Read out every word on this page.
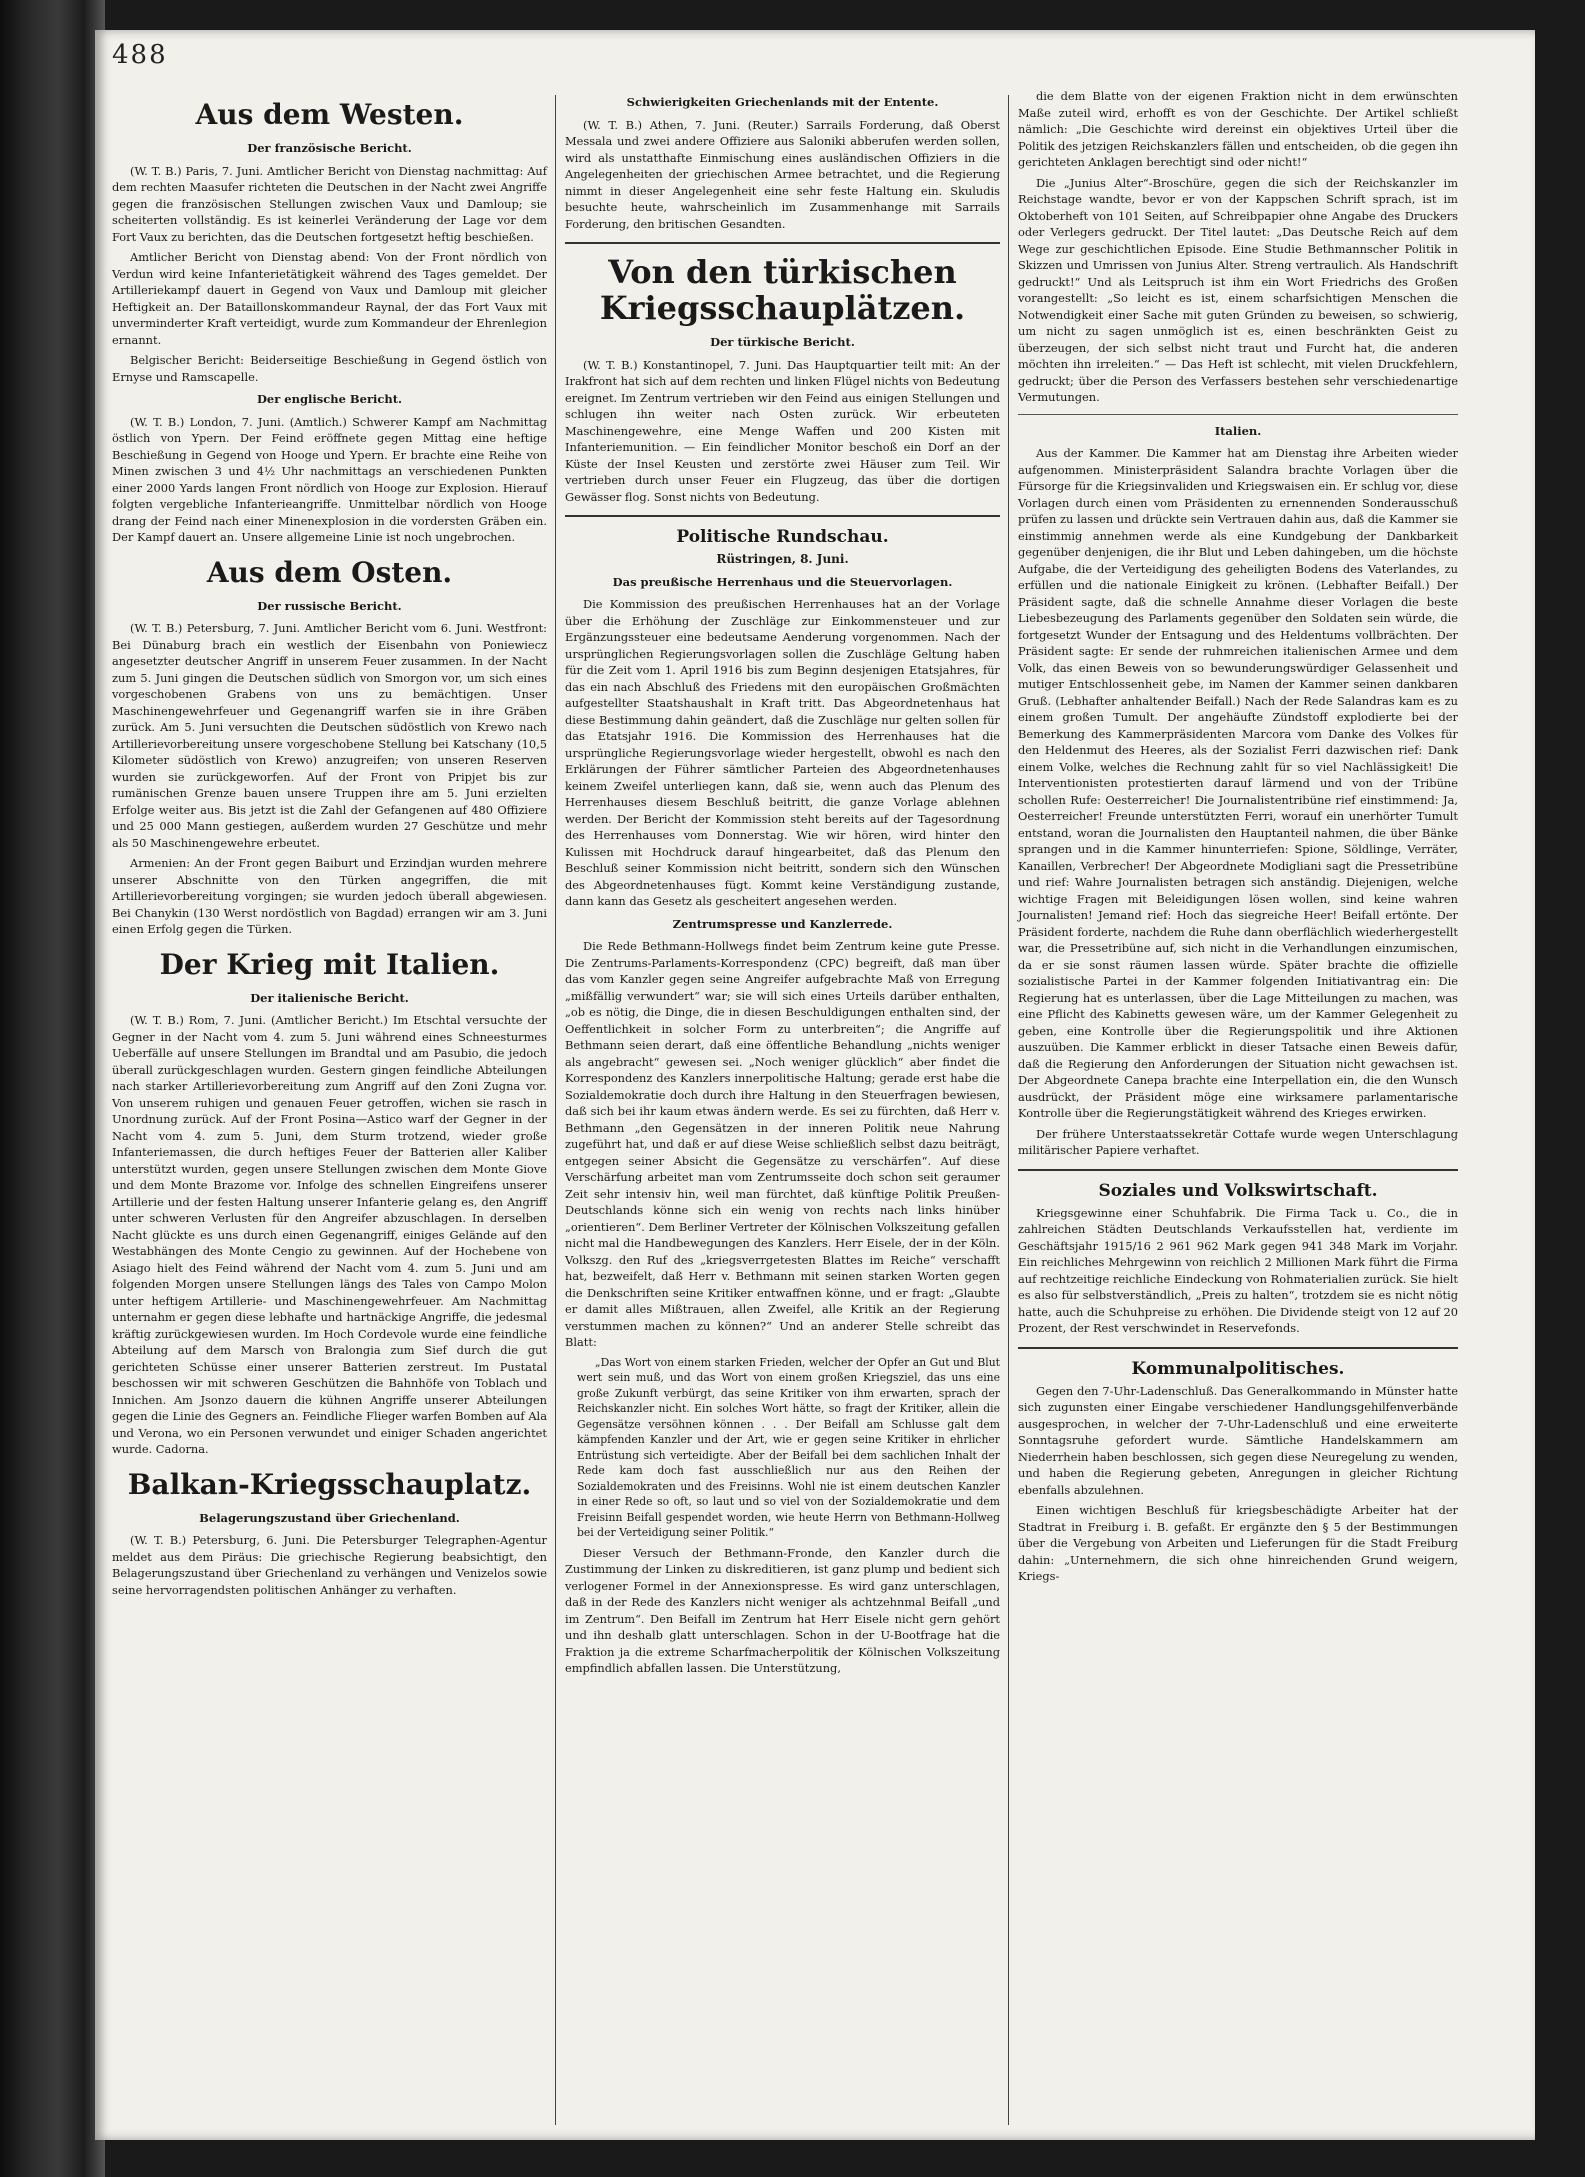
488
Aus dem Westen.
Der französische Bericht.

(W. T. B.) Paris, 7. Juni. Amtlicher Bericht von Dienstag nachmittag: Auf dem rechten Maasufer richteten die Deutschen in der Nacht zwei Angriffe gegen die französischen Stellungen zwischen Vaux und Damloup; sie scheiterten vollständig. Es ist keinerlei Veränderung der Lage vor dem Fort Vaux zu berichten, das die Deutschen fortgesetzt heftig beschießen.

Amtlicher Bericht von Dienstag abend: Von der Front nördlich von Verdun wird keine Infanterietätigkeit während des Tages gemeldet. Der Artilleriekampf dauert in Gegend von Vaux und Damloup mit gleicher Heftigkeit an. Der Bataillonskommandeur Raynal, der das Fort Vaux mit unverminderter Kraft verteidigt, wurde zum Kommandeur der Ehrenlegion ernannt.

Belgischer Bericht: Beiderseitige Beschießung in Gegend östlich von Ernyse und Ramscapelle.

Der englische Bericht.

(W. T. B.) London, 7. Juni. (Amtlich.) Schwerer Kampf am Nachmittag östlich von Ypern. Der Feind eröffnete gegen Mittag eine heftige Beschießung in Gegend von Hooge und Ypern. Er brachte eine Reihe von Minen zwischen 3 und 4½ Uhr nachmittags an verschiedenen Punkten einer 2000 Yards langen Front nördlich von Hooge zur Explosion. Hierauf folgten vergebliche Infanterieangriffe. Unmittelbar nördlich von Hooge drang der Feind nach einer Minenexplosion in die vordersten Gräben ein. Der Kampf dauert an. Unsere allgemeine Linie ist noch ungebrochen.

Aus dem Osten.
Der russische Bericht.

(W. T. B.) Petersburg, 7. Juni. Amtlicher Bericht vom 6. Juni. Westfront: Bei Dünaburg brach ein westlich der Eisenbahn von Poniewiecz angesetzter deutscher Angriff in unserem Feuer zusammen. In der Nacht zum 5. Juni gingen die Deutschen südlich von Smorgon vor, um sich eines vorgeschobenen Grabens von uns zu bemächtigen. Unser Maschinengewehrfeuer und Gegenangriff warfen sie in ihre Gräben zurück. Am 5. Juni versuchten die Deutschen südöstlich von Krewo nach Artillerievorbereitung unsere vorgeschobene Stellung bei Katschany (10,5 Kilometer südöstlich von Krewo) anzugreifen; von unseren Reserven wurden sie zurückgeworfen. Auf der Front von Pripjet bis zur rumänischen Grenze bauen unsere Truppen ihre am 5. Juni erzielten Erfolge weiter aus. Bis jetzt ist die Zahl der Gefangenen auf 480 Offiziere und 25 000 Mann gestiegen, außerdem wurden 27 Geschütze und mehr als 50 Maschinengewehre erbeutet.

Armenien: An der Front gegen Baiburt und Erzindjan wurden mehrere unserer Abschnitte von den Türken angegriffen, die mit Artillerievorbereitung vorgingen; sie wurden jedoch überall abgewiesen. Bei Chanykin (130 Werst nordöstlich von Bagdad) errangen wir am 3. Juni einen Erfolg gegen die Türken.

Der Krieg mit Italien.
Der italienische Bericht.

(W. T. B.) Rom, 7. Juni. (Amtlicher Bericht.) Im Etschtal versuchte der Gegner in der Nacht vom 4. zum 5. Juni während eines Schneesturmes Ueberfälle auf unsere Stellungen im Brandtal und am Pasubio, die jedoch überall zurückgeschlagen wurden. Gestern gingen feindliche Abteilungen nach starker Artillerievorbereitung zum Angriff auf den Zoni Zugna vor. Von unserem ruhigen und genauen Feuer getroffen, wichen sie rasch in Unordnung zurück. Auf der Front Posina—Astico warf der Gegner in der Nacht vom 4. zum 5. Juni, dem Sturm trotzend, wieder große Infanteriemassen, die durch heftiges Feuer der Batterien aller Kaliber unterstützt wurden, gegen unsere Stellungen zwischen dem Monte Giove und dem Monte Brazome vor. Infolge des schnellen Eingreifens unserer Artillerie und der festen Haltung unserer Infanterie gelang es, den Angriff unter schweren Verlusten für den Angreifer abzuschlagen. In derselben Nacht glückte es uns durch einen Gegenangriff, einiges Gelände auf den Westabhängen des Monte Cengio zu gewinnen. Auf der Hochebene von Asiago hielt des Feind während der Nacht vom 4. zum 5. Juni und am folgenden Morgen unsere Stellungen längs des Tales von Campo Molon unter heftigem Artillerie- und Maschinengewehrfeuer. Am Nachmittag unternahm er gegen diese lebhafte und hartnäckige Angriffe, die jedesmal kräftig zurückgewiesen wurden. Im Hoch Cordevole wurde eine feindliche Abteilung auf dem Marsch von Bralongia zum Sief durch die gut gerichteten Schüsse einer unserer Batterien zerstreut. Im Pustatal beschossen wir mit schweren Geschützen die Bahnhöfe von Toblach und Innichen. Am Jsonzo dauern die kühnen Angriffe unserer Abteilungen gegen die Linie des Gegners an. Feindliche Flieger warfen Bomben auf Ala und Verona, wo ein Personen verwundet und einiger Schaden angerichtet wurde. Cadorna.

Balkan-Kriegsschauplatz.
Belagerungszustand über Griechenland.

(W. T. B.) Petersburg, 6. Juni. Die Petersburger Telegraphen-Agentur meldet aus dem Piräus: Die griechische Regierung beabsichtigt, den Belagerungszustand über Griechenland zu verhängen und Venizelos sowie seine hervorragendsten politischen Anhänger zu verhaften.

Schwierigkeiten Griechenlands mit der Entente.

(W. T. B.) Athen, 7. Juni. (Reuter.) Sarrails Forderung, daß Oberst Messala und zwei andere Offiziere aus Saloniki abberufen werden sollen, wird als unstatthafte Einmischung eines ausländischen Offiziers in die Angelegenheiten der griechischen Armee betrachtet, und die Regierung nimmt in dieser Angelegenheit eine sehr feste Haltung ein. Skuludis besuchte heute, wahrscheinlich im Zusammenhange mit Sarrails Forderung, den britischen Gesandten.

Von den türkischen Kriegsschauplätzen.
Der türkische Bericht.

(W. T. B.) Konstantinopel, 7. Juni. Das Hauptquartier teilt mit: An der Irakfront hat sich auf dem rechten und linken Flügel nichts von Bedeutung ereignet. Im Zentrum vertrieben wir den Feind aus einigen Stellungen und schlugen ihn weiter nach Osten zurück. Wir erbeuteten Maschinengewehre, eine Menge Waffen und 200 Kisten mit Infanteriemunition. — Ein feindlicher Monitor beschoß ein Dorf an der Küste der Insel Keusten und zerstörte zwei Häuser zum Teil. Wir vertrieben durch unser Feuer ein Flugzeug, das über die dortigen Gewässer flog. Sonst nichts von Bedeutung.

Politische Rundschau.
Rüstringen, 8. Juni.
Das preußische Herrenhaus und die Steuervorlagen.

Die Kommission des preußischen Herrenhauses hat an der Vorlage über die Erhöhung der Zuschläge zur Einkommensteuer und zur Ergänzungssteuer eine bedeutsame Aenderung vorgenommen. Nach der ursprünglichen Regierungsvorlagen sollen die Zuschläge Geltung haben für die Zeit vom 1. April 1916 bis zum Beginn desjenigen Etatsjahres, für das ein nach Abschluß des Friedens mit den europäischen Großmächten aufgestellter Staatshaushalt in Kraft tritt. Das Abgeordnetenhaus hat diese Bestimmung dahin geändert, daß die Zuschläge nur gelten sollen für das Etatsjahr 1916. Die Kommission des Herrenhauses hat die ursprüngliche Regierungsvorlage wieder hergestellt, obwohl es nach den Erklärungen der Führer sämtlicher Parteien des Abgeordnetenhauses keinem Zweifel unterliegen kann, daß sie, wenn auch das Plenum des Herrenhauses diesem Beschluß beitritt, die ganze Vorlage ablehnen werden. Der Bericht der Kommission steht bereits auf der Tagesordnung des Herrenhauses vom Donnerstag. Wie wir hören, wird hinter den Kulissen mit Hochdruck darauf hingearbeitet, daß das Plenum den Beschluß seiner Kommission nicht beitritt, sondern sich den Wünschen des Abgeordnetenhauses fügt. Kommt keine Verständigung zustande, dann kann das Gesetz als gescheitert angesehen werden.

Zentrumspresse und Kanzlerrede.

Die Rede Bethmann-Hollwegs findet beim Zentrum keine gute Presse. Die Zentrums-Parlaments-Korrespondenz (CPC) begreift, daß man über das vom Kanzler gegen seine Angreifer aufgebrachte Maß von Erregung „mißfällig verwundert“ war; sie will sich eines Urteils darüber enthalten, „ob es nötig, die Dinge, die in diesen Beschuldigungen enthalten sind, der Oeffentlichkeit in solcher Form zu unterbreiten“; die Angriffe auf Bethmann seien derart, daß eine öffentliche Behandlung „nichts weniger als angebracht“ gewesen sei. „Noch weniger glücklich“ aber findet die Korrespondenz des Kanzlers innerpolitische Haltung; gerade erst habe die Sozialdemokratie doch durch ihre Haltung in den Steuerfragen bewiesen, daß sich bei ihr kaum etwas ändern werde. Es sei zu fürchten, daß Herr v. Bethmann „den Gegensätzen in der inneren Politik neue Nahrung zugeführt hat, und daß er auf diese Weise schließlich selbst dazu beiträgt, entgegen seiner Absicht die Gegensätze zu verschärfen“. Auf diese Verschärfung arbeitet man vom Zentrumsseite doch schon seit geraumer Zeit sehr intensiv hin, weil man fürchtet, daß künftige Politik Preußen-Deutschlands könne sich ein wenig von rechts nach links hinüber „orientieren“. Dem Berliner Vertreter der Kölnischen Volkszeitung gefallen nicht mal die Handbewegungen des Kanzlers. Herr Eisele, der in der Köln. Volkszg. den Ruf des „kriegsverrgetesten Blattes im Reiche“ verschafft hat, bezweifelt, daß Herr v. Bethmann mit seinen starken Worten gegen die Denkschriften seine Kritiker entwaffnen könne, und er fragt: „Glaubte er damit alles Mißtrauen, allen Zweifel, alle Kritik an der Regierung verstummen machen zu können?“ Und an anderer Stelle schreibt das Blatt:

„Das Wort von einem starken Frieden, welcher der Opfer an Gut und Blut wert sein muß, und das Wort von einem großen Kriegsziel, das uns eine große Zukunft verbürgt, das seine Kritiker von ihm erwarten, sprach der Reichskanzler nicht. Ein solches Wort hätte, so fragt der Kritiker, allein die Gegensätze versöhnen können . . . Der Beifall am Schlusse galt dem kämpfenden Kanzler und der Art, wie er gegen seine Kritiker in ehrlicher Entrüstung sich verteidigte. Aber der Beifall bei dem sachlichen Inhalt der Rede kam doch fast ausschließlich nur aus den Reihen der Sozialdemokraten und des Freisinns. Wohl nie ist einem deutschen Kanzler in einer Rede so oft, so laut und so viel von der Sozialdemokratie und dem Freisinn Beifall gespendet worden, wie heute Herrn von Bethmann-Hollweg bei der Verteidigung seiner Politik.“

Dieser Versuch der Bethmann-Fronde, den Kanzler durch die Zustimmung der Linken zu diskreditieren, ist ganz plump und bedient sich verlogener Formel in der Annexionspresse. Es wird ganz unterschlagen, daß in der Rede des Kanzlers nicht weniger als achtzehnmal Beifall „und im Zentrum“. Den Beifall im Zentrum hat Herr Eisele nicht gern gehört und ihn deshalb glatt unterschlagen. Schon in der U-Bootfrage hat die Fraktion ja die extreme Scharfmacherpolitik der Kölnischen Volkszeitung empfindlich abfallen lassen. Die Unterstützung,

die dem Blatte von der eigenen Fraktion nicht in dem erwünschten Maße zuteil wird, erhofft es von der Geschichte. Der Artikel schließt nämlich: „Die Geschichte wird dereinst ein objektives Urteil über die Politik des jetzigen Reichskanzlers fällen und entscheiden, ob die gegen ihn gerichteten Anklagen berechtigt sind oder nicht!“

Die „Junius Alter“-Broschüre, gegen die sich der Reichskanzler im Reichstage wandte, bevor er von der Kappschen Schrift sprach, ist im Oktoberheft von 101 Seiten, auf Schreibpapier ohne Angabe des Druckers oder Verlegers gedruckt. Der Titel lautet: „Das Deutsche Reich auf dem Wege zur geschichtlichen Episode. Eine Studie Bethmannscher Politik in Skizzen und Umrissen von Junius Alter. Streng vertraulich. Als Handschrift gedruckt!“ Und als Leitspruch ist ihm ein Wort Friedrichs des Großen vorangestellt: „So leicht es ist, einem scharfsichtigen Menschen die Notwendigkeit einer Sache mit guten Gründen zu beweisen, so schwierig, um nicht zu sagen unmöglich ist es, einen beschränkten Geist zu überzeugen, der sich selbst nicht traut und Furcht hat, die anderen möchten ihn irreleiten.“ — Das Heft ist schlecht, mit vielen Druckfehlern, gedruckt; über die Person des Verfassers bestehen sehr verschiedenartige Vermutungen.

Italien.

Aus der Kammer. Die Kammer hat am Dienstag ihre Arbeiten wieder aufgenommen. Ministerpräsident Salandra brachte Vorlagen über die Fürsorge für die Kriegsinvaliden und Kriegswaisen ein. Er schlug vor, diese Vorlagen durch einen vom Präsidenten zu ernennenden Sonderausschuß prüfen zu lassen und drückte sein Vertrauen dahin aus, daß die Kammer sie einstimmig annehmen werde als eine Kundgebung der Dankbarkeit gegenüber denjenigen, die ihr Blut und Leben dahingeben, um die höchste Aufgabe, die der Verteidigung des geheiligten Bodens des Vaterlandes, zu erfüllen und die nationale Einigkeit zu krönen. (Lebhafter Beifall.) Der Präsident sagte, daß die schnelle Annahme dieser Vorlagen die beste Liebesbezeugung des Parlaments gegenüber den Soldaten sein würde, die fortgesetzt Wunder der Entsagung und des Heldentums vollbrächten. Der Präsident sagte: Er sende der ruhmreichen italienischen Armee und dem Volk, das einen Beweis von so bewunderungswürdiger Gelassenheit und mutiger Entschlossenheit gebe, im Namen der Kammer seinen dankbaren Gruß. (Lebhafter anhaltender Beifall.) Nach der Rede Salandras kam es zu einem großen Tumult. Der angehäufte Zündstoff explodierte bei der Bemerkung des Kammerpräsidenten Marcora vom Danke des Volkes für den Heldenmut des Heeres, als der Sozialist Ferri dazwischen rief: Dank einem Volke, welches die Rechnung zahlt für so viel Nachlässigkeit! Die Interventionisten protestierten darauf lärmend und von der Tribüne schollen Rufe: Oesterreicher! Die Journalistentribüne rief einstimmend: Ja, Oesterreicher! Freunde unterstützten Ferri, worauf ein unerhörter Tumult entstand, woran die Journalisten den Hauptanteil nahmen, die über Bänke sprangen und in die Kammer hinunterriefen: Spione, Söldlinge, Verräter, Kanaillen, Verbrecher! Der Abgeordnete Modigliani sagt die Pressetribüne und rief: Wahre Journalisten betragen sich anständig. Diejenigen, welche wichtige Fragen mit Beleidigungen lösen wollen, sind keine wahren Journalisten! Jemand rief: Hoch das siegreiche Heer! Beifall ertönte. Der Präsident forderte, nachdem die Ruhe dann oberflächlich wiederhergestellt war, die Pressetribüne auf, sich nicht in die Verhandlungen einzumischen, da er sie sonst räumen lassen würde. Später brachte die offizielle sozialistische Partei in der Kammer folgenden Initiativantrag ein: Die Regierung hat es unterlassen, über die Lage Mitteilungen zu machen, was eine Pflicht des Kabinetts gewesen wäre, um der Kammer Gelegenheit zu geben, eine Kontrolle über die Regierungspolitik und ihre Aktionen auszuüben. Die Kammer erblickt in dieser Tatsache einen Beweis dafür, daß die Regierung den Anforderungen der Situation nicht gewachsen ist. Der Abgeordnete Canepa brachte eine Interpellation ein, die den Wunsch ausdrückt, der Präsident möge eine wirksamere parlamentarische Kontrolle über die Regierungstätigkeit während des Krieges erwirken.

Der frühere Unterstaatssekretär Cottafe wurde wegen Unterschlagung militärischer Papiere verhaftet.

Soziales und Volkswirtschaft.

Kriegsgewinne einer Schuhfabrik. Die Firma Tack u. Co., die in zahlreichen Städten Deutschlands Verkaufsstellen hat, verdiente im Geschäftsjahr 1915/16 2 961 962 Mark gegen 941 348 Mark im Vorjahr. Ein reichliches Mehrgewinn von reichlich 2 Millionen Mark führt die Firma auf rechtzeitige reichliche Eindeckung von Rohmaterialien zurück. Sie hielt es also für selbstverständlich, „Preis zu halten“, trotzdem sie es nicht nötig hatte, auch die Schuhpreise zu erhöhen. Die Dividende steigt von 12 auf 20 Prozent, der Rest verschwindet in Reservefonds.

Kommunalpolitisches.

Gegen den 7-Uhr-Ladenschluß. Das Generalkommando in Münster hatte sich zugunsten einer Eingabe verschiedener Handlungsgehilfenverbände ausgesprochen, in welcher der 7-Uhr-Ladenschluß und eine erweiterte Sonntagsruhe gefordert wurde. Sämtliche Handelskammern am Niederrhein haben beschlossen, sich gegen diese Neuregelung zu wenden, und haben die Regierung gebeten, Anregungen in gleicher Richtung ebenfalls abzulehnen.

Einen wichtigen Beschluß für kriegsbeschädigte Arbeiter hat der Stadtrat in Freiburg i. B. gefaßt. Er ergänzte den § 5 der Bestimmungen über die Vergebung von Arbeiten und Lieferungen für die Stadt Freiburg dahin: „Unternehmern, die sich ohne hinreichenden Grund weigern, Kriegs-
